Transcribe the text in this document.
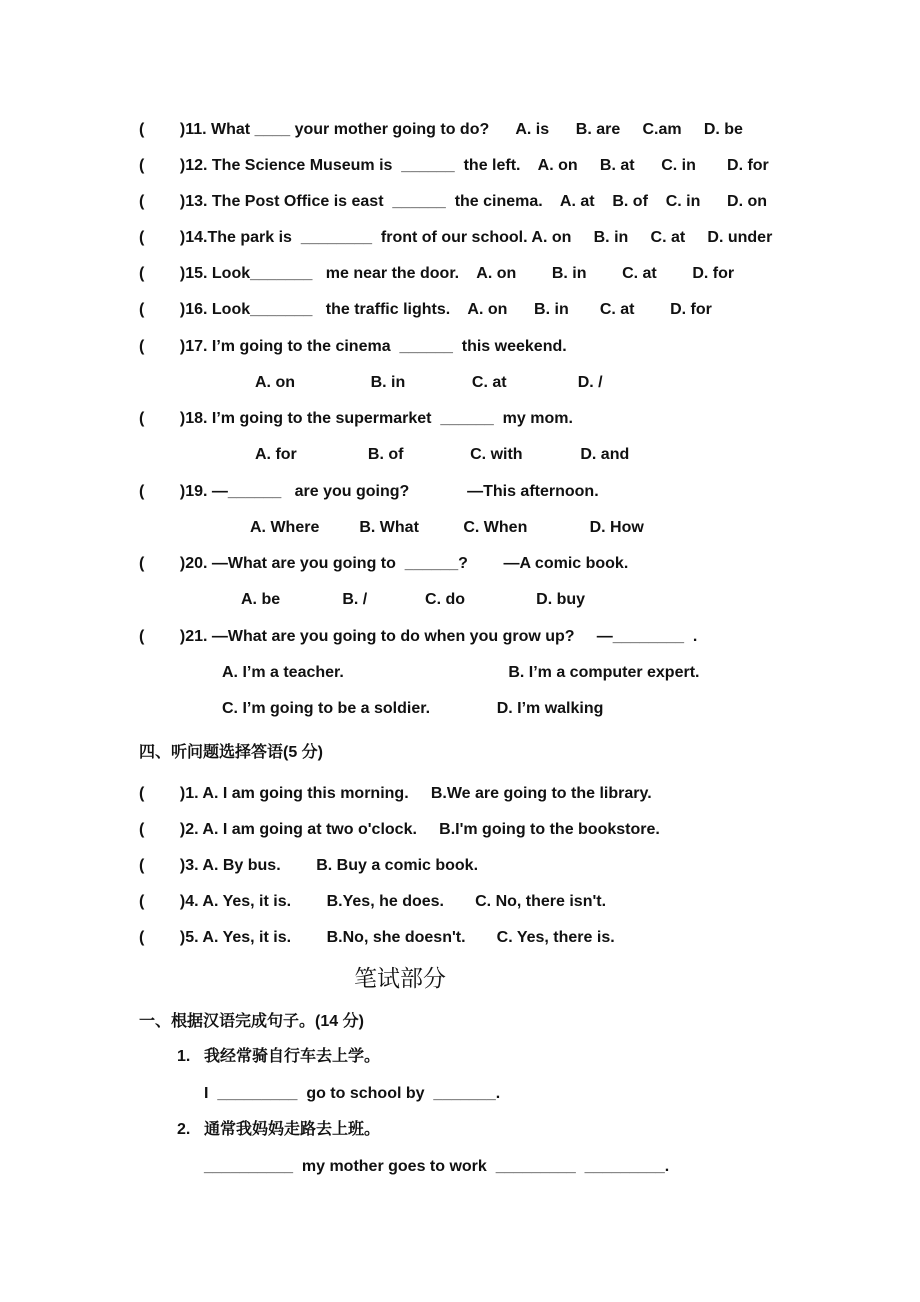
(        )11. What ____ your mother going to do?      A. is      B. are     C.am     D. be
(        )12. The Science Museum is  ______  the left.    A. on     B. at      C. in       D. for
(        )13. The Post Office is east  ______  the cinema.    A. at    B. of    C. in      D. on
(        )14.The park is  ________  front of our school. A. on     B. in     C. at     D. under
(        )15. Look_______   me near the door.    A. on        B. in        C. at        D. for
(        )16. Look_______   the traffic lights.    A. on      B. in       C. at        D. for
(        )17. I’m going to the cinema  ______  this weekend.
A. on                 B. in               C. at                D. /
(        )18. I’m going to the supermarket  ______  my mom.
A. for                B. of               C. with             D. and
(        )19. —______   are you going?             —This afternoon.
A. Where         B. What          C. When              D. How
(        )20. —What are you going to  ______?        —A comic book.
A. be              B. /             C. do                D. buy
(        )21. —What are you going to do when you grow up?     —________  .
A. I’m a teacher.                                     B. I’m a computer expert.
C. I’m going to be a soldier.               D. I’m walking
四、听问题选择答语(5 分)
(        )1. A. I am going this morning.     B.We are going to the library.
(        )2. A. I am going at two o'clock.     B.I'm going to the bookstore.
(        )3. A. By bus.        B. Buy a comic book.
(        )4. A. Yes, it is.        B.Yes, he does.       C. No, there isn't.
(        )5. A. Yes, it is.        B.No, she doesn't.       C. Yes, there is.
笔试部分
一、根据汉语完成句子。(14 分)
1. 我经常骑自行车去上学。
I  _________  go to school by  _______.
2. 通常我妈妈走路去上班。
__________  my mother goes to work  _________  _________.
